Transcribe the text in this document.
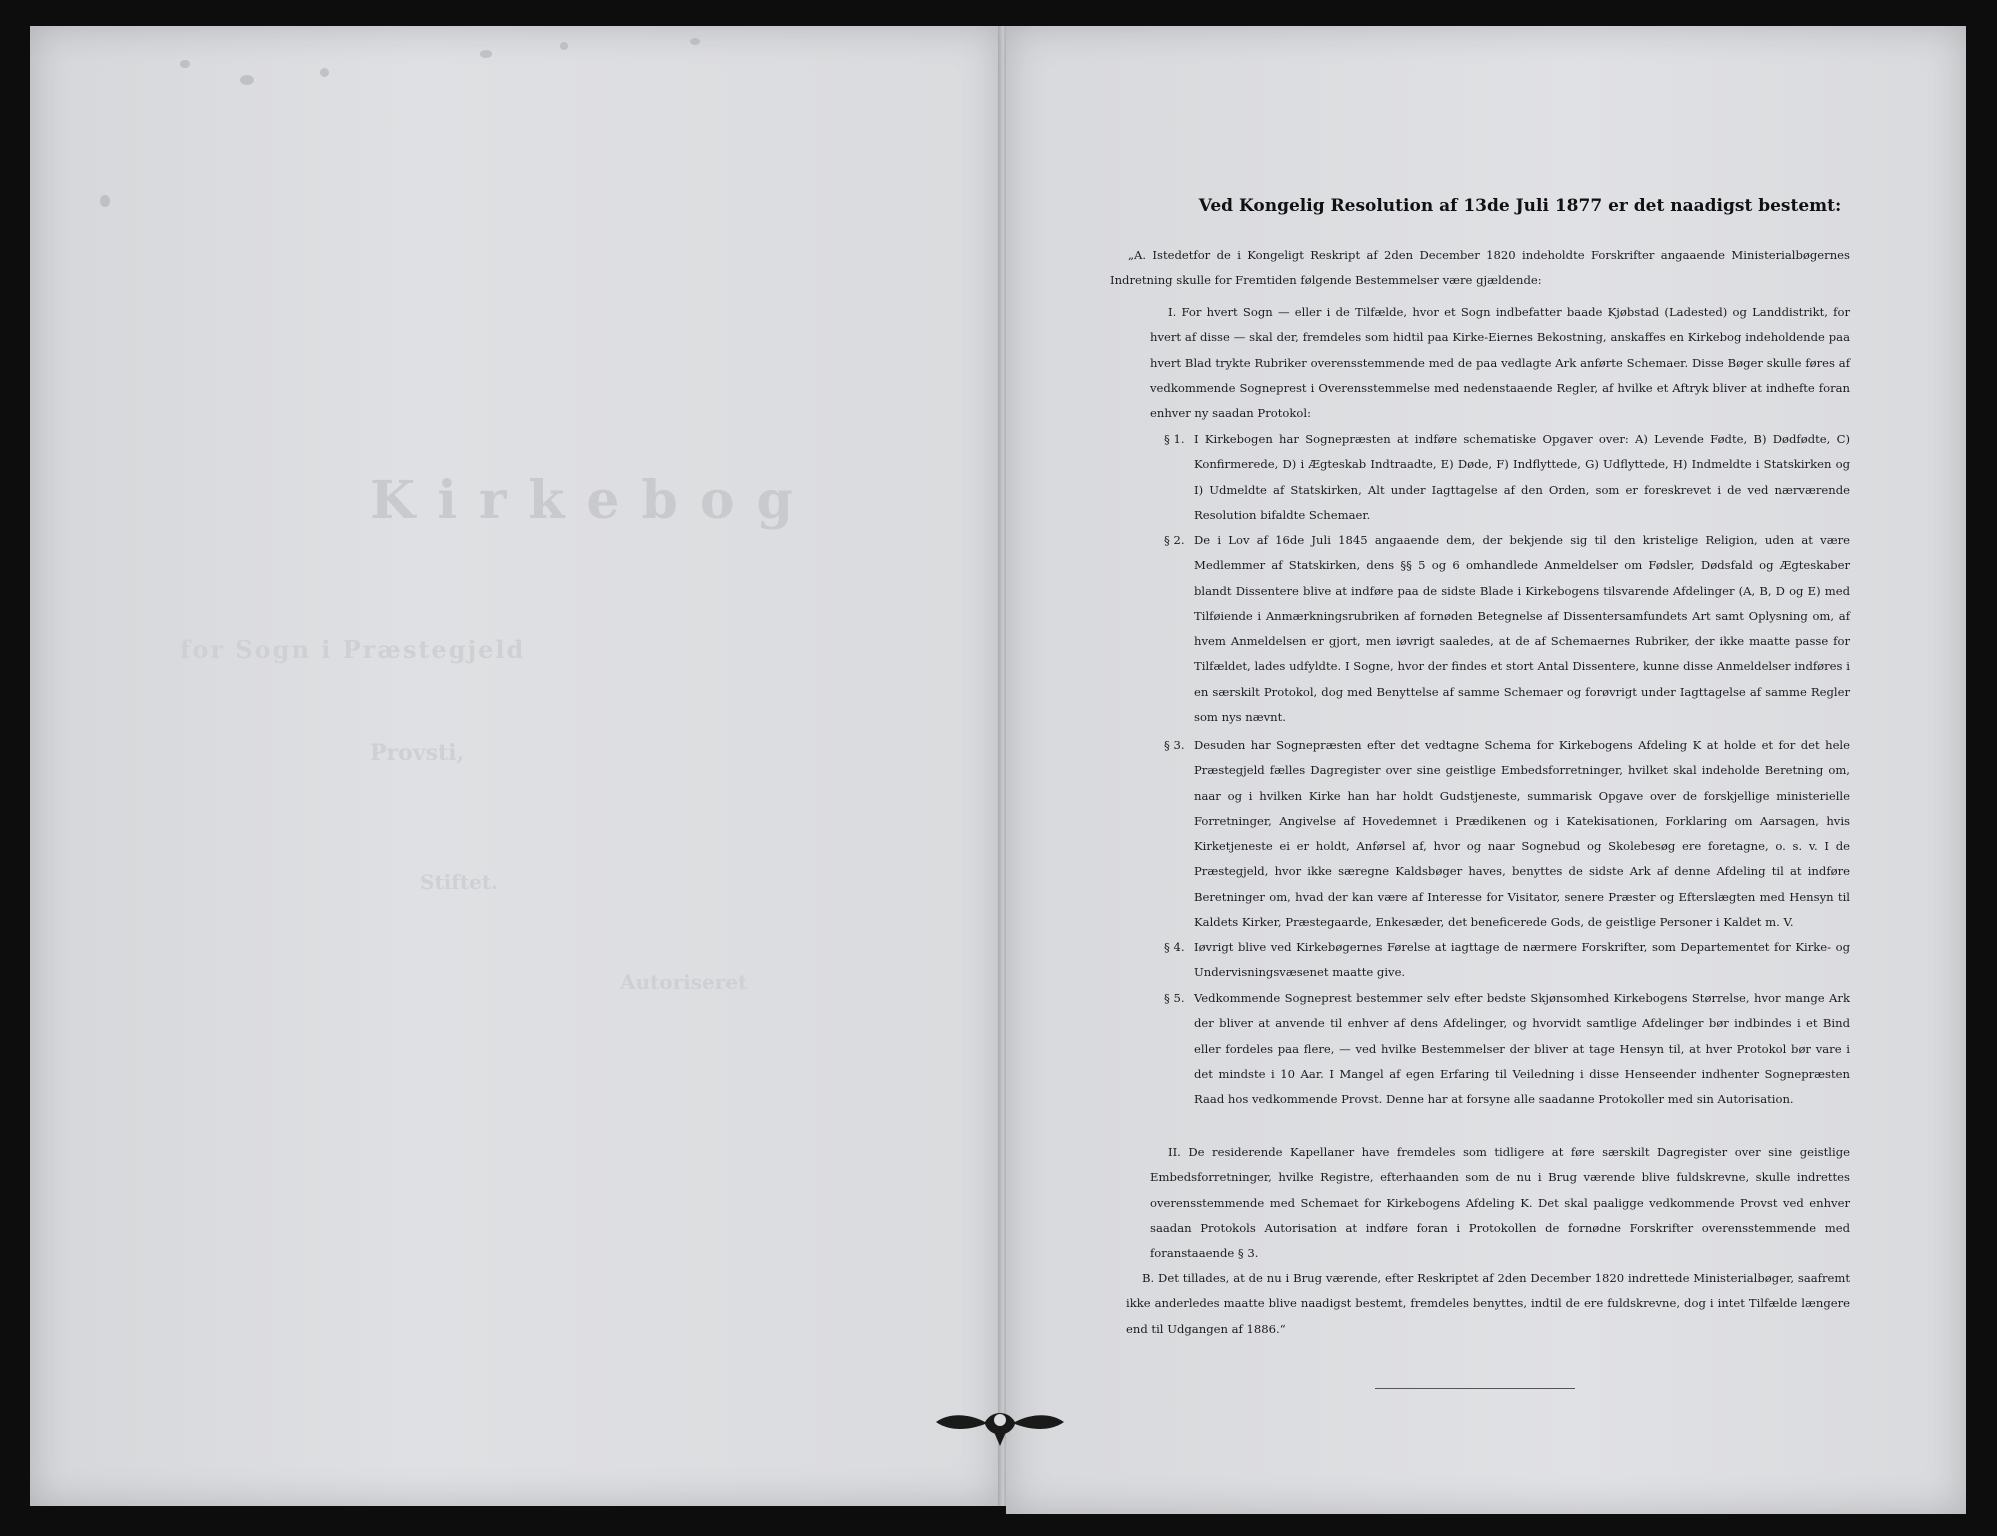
Kirkebog
for Sogn i Præstegjeld
Provsti,
Stiftet.
Autoriseret
Ved Kongelig Resolution af 13de Juli 1877 er det naadigst bestemt:
„A. Istedetfor de i Kongeligt Reskript af 2den December 1820 indeholdte Forskrifter angaaende Ministerialbøgernes Indretning skulle for Fremtiden følgende Bestemmelser være gjældende:
I. For hvert Sogn — eller i de Tilfælde, hvor et Sogn indbefatter baade Kjøbstad (Ladested) og Landdistrikt, for hvert af disse — skal der, fremdeles som hidtil paa Kirke-Eiernes Bekostning, anskaffes en Kirkebog indeholdende paa hvert Blad trykte Rubriker overensstemmende med de paa vedlagte Ark anførte Schemaer. Disse Bøger skulle føres af vedkommende Sogneprest i Overensstemmelse med nedenstaaende Regler, af hvilke et Aftryk bliver at indhefte foran enhver ny saadan Protokol:
§ 1. I Kirkebogen har Sognepræsten at indføre schematiske Opgaver over: A) Levende Fødte, B) Dødfødte, C) Konfirmerede, D) i Ægteskab Indtraadte, E) Døde, F) Indflyttede, G) Udflyttede, H) Indmeldte i Statskirken og I) Udmeldte af Statskirken, Alt under Iagttagelse af den Orden, som er foreskrevet i de ved nærværende Resolution bifaldte Schemaer.
§ 2. De i Lov af 16de Juli 1845 angaaende dem, der bekjende sig til den kristelige Religion, uden at være Medlemmer af Statskirken, dens §§ 5 og 6 omhandlede Anmeldelser om Fødsler, Dødsfald og Ægteskaber blandt Dissentere blive at indføre paa de sidste Blade i Kirkebogens tilsvarende Afdelinger (A, B, D og E) med Tilføiende i Anmærkningsrubriken af fornøden Betegnelse af Dissentersamfundets Art samt Oplysning om, af hvem Anmeldelsen er gjort, men iøvrigt saaledes, at de af Schemaernes Rubriker, der ikke maatte passe for Tilfældet, lades udfyldte. I Sogne, hvor der findes et stort Antal Dissentere, kunne disse Anmeldelser indføres i en særskilt Protokol, dog med Benyttelse af samme Schemaer og forøvrigt under Iagttagelse af samme Regler som nys nævnt.
§ 3. Desuden har Sognepræsten efter det vedtagne Schema for Kirkebogens Afdeling K at holde et for det hele Præstegjeld fælles Dagregister over sine geistlige Embedsforretninger, hvilket skal indeholde Beretning om, naar og i hvilken Kirke han har holdt Gudstjeneste, summarisk Opgave over de forskjellige ministerielle Forretninger, Angivelse af Hovedemnet i Prædikenen og i Katekisationen, Forklaring om Aarsagen, hvis Kirketjeneste ei er holdt, Anførsel af, hvor og naar Sognebud og Skolebesøg ere foretagne, o. s. v. I de Præstegjeld, hvor ikke særegne Kaldsbøger haves, benyttes de sidste Ark af denne Afdeling til at indføre Beretninger om, hvad der kan være af Interesse for Visitator, senere Præster og Efterslægten med Hensyn til Kaldets Kirker, Præstegaarde, Enkesæder, det beneficerede Gods, de geistlige Personer i Kaldet m. V.
§ 4. Iøvrigt blive ved Kirkebøgernes Førelse at iagttage de nærmere Forskrifter, som Departementet for Kirke- og Undervisningsvæsenet maatte give.
§ 5. Vedkommende Sogneprest bestemmer selv efter bedste Skjønsomhed Kirkebogens Størrelse, hvor mange Ark der bliver at anvende til enhver af dens Afdelinger, og hvorvidt samtlige Afdelinger bør indbindes i et Bind eller fordeles paa flere, — ved hvilke Bestemmelser der bliver at tage Hensyn til, at hver Protokol bør vare i det mindste i 10 Aar. I Mangel af egen Erfaring til Veiledning i disse Henseender indhenter Sognepræsten Raad hos vedkommende Provst. Denne har at forsyne alle saadanne Protokoller med sin Autorisation.
II. De residerende Kapellaner have fremdeles som tidligere at føre særskilt Dagregister over sine geistlige Embedsforretninger, hvilke Registre, efterhaanden som de nu i Brug værende blive fuldskrevne, skulle indrettes overensstemmende med Schemaet for Kirkebogens Afdeling K. Det skal paaligge vedkommende Provst ved enhver saadan Protokols Autorisation at indføre foran i Protokollen de fornødne Forskrifter overensstemmende med foranstaaende § 3.
B. Det tillades, at de nu i Brug værende, efter Reskriptet af 2den December 1820 indrettede Ministerialbøger, saafremt ikke anderledes maatte blive naadigst bestemt, fremdeles benyttes, indtil de ere fuldskrevne, dog i intet Tilfælde længere end til Udgangen af 1886.“
